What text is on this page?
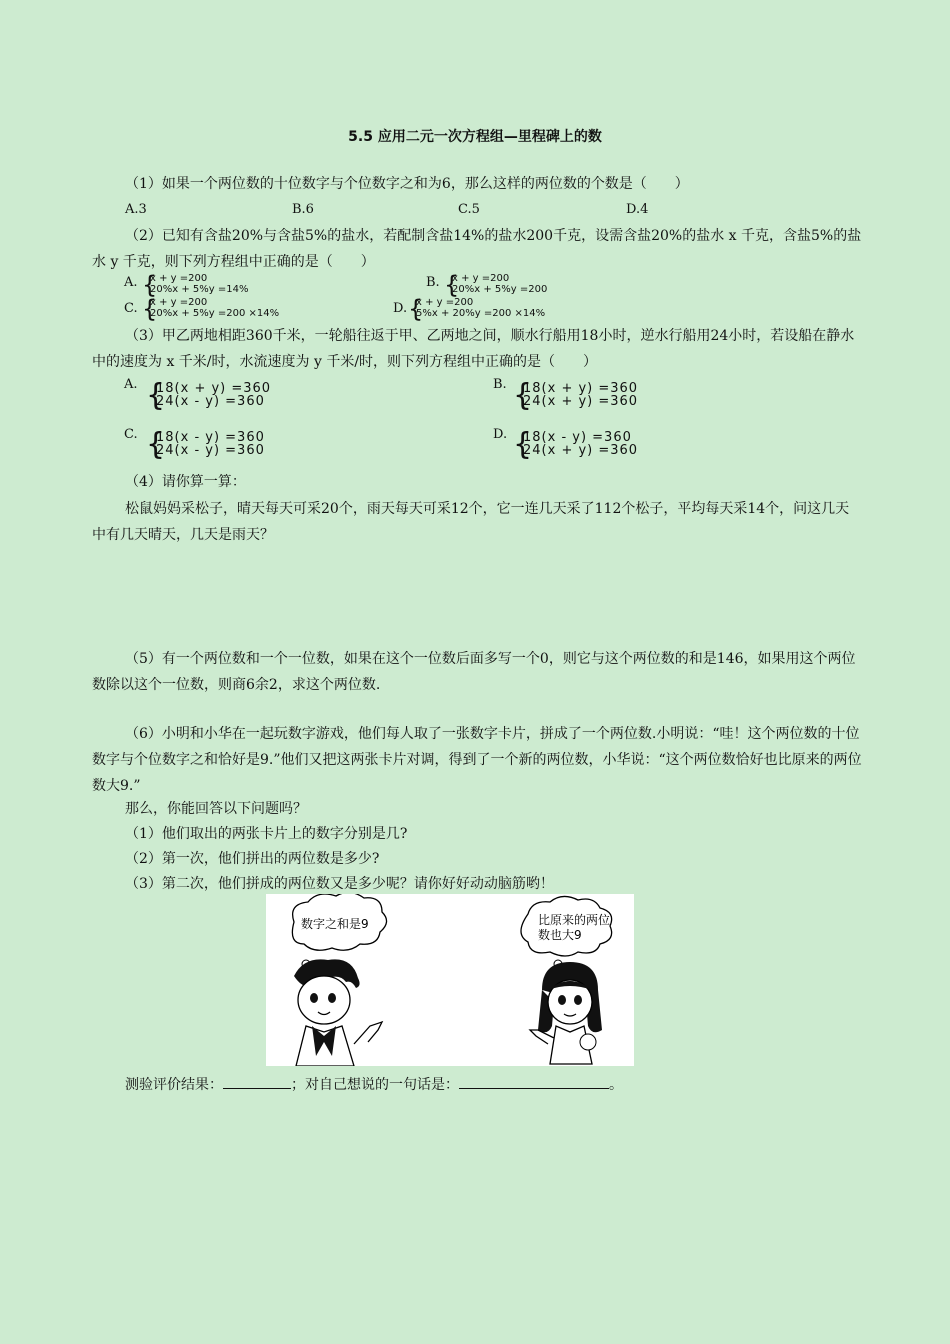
5.5 应用二元一次方程组—里程碑上的数
（1）如果一个两位数的十位数字与个位数字之和为6，那么这样的两位数的个数是（　　）
A.3	B.6	C.5	D.4
（2）已知有含盐20%与含盐5%的盐水，若配制含盐14%的盐水200千克，设需含盐20%的盐水 x 千克，含盐5%的盐水 y 千克，则下列方程组中正确的是（　　）
A. {
x + y =200
20%x + 5%y =14%	B. {
x + y =200
20%x + 5%y =200
C. {
x + y =200
20%x + 5%y =200 ×14%	D. {
x + y =200
5%x + 20%y =200 ×14%
（3）甲乙两地相距360千米，一轮船往返于甲、乙两地之间，顺水行船用18小时，逆水行船用24小时，若设船在静水中的速度为 x 千米/时，水流速度为 y 千米/时，则下列方程组中正确的是（　　）
A. {
18(x + y) =360
24(x - y) =360
B. {
18(x + y) =360
24(x + y) =360
C. {
18(x - y) =360
24(x - y) =360
D. {
18(x - y) =360
24(x + y) =360
（4）请你算一算：
松鼠妈妈采松子，晴天每天可采20个，雨天每天可采12个，它一连几天采了112个松子，平均每天采14个，问这几天中有几天晴天，几天是雨天？
（5）有一个两位数和一个一位数，如果在这个一位数后面多写一个0，则它与这个两位数的和是146，如果用这个两位数除以这个一位数，则商6余2，求这个两位数.
（6）小明和小华在一起玩数字游戏，他们每人取了一张数字卡片，拼成了一个两位数.小明说：“哇！这个两位数的十位数字与个位数字之和恰好是9.”他们又把这两张卡片对调，得到了一个新的两位数，小华说：“这个两位数恰好也比原来的两位数大9.”
那么，你能回答以下问题吗？
（1）他们取出的两张卡片上的数字分别是几?
（2）第一次，他们拼出的两位数是多少?
（3）第二次，他们拼成的两位数又是多少呢？请你好好动动脑筋哟！
数字之和是9	比原来的两位
数也大9
测验评价结果：	；对自己想说的一句话是：	。
